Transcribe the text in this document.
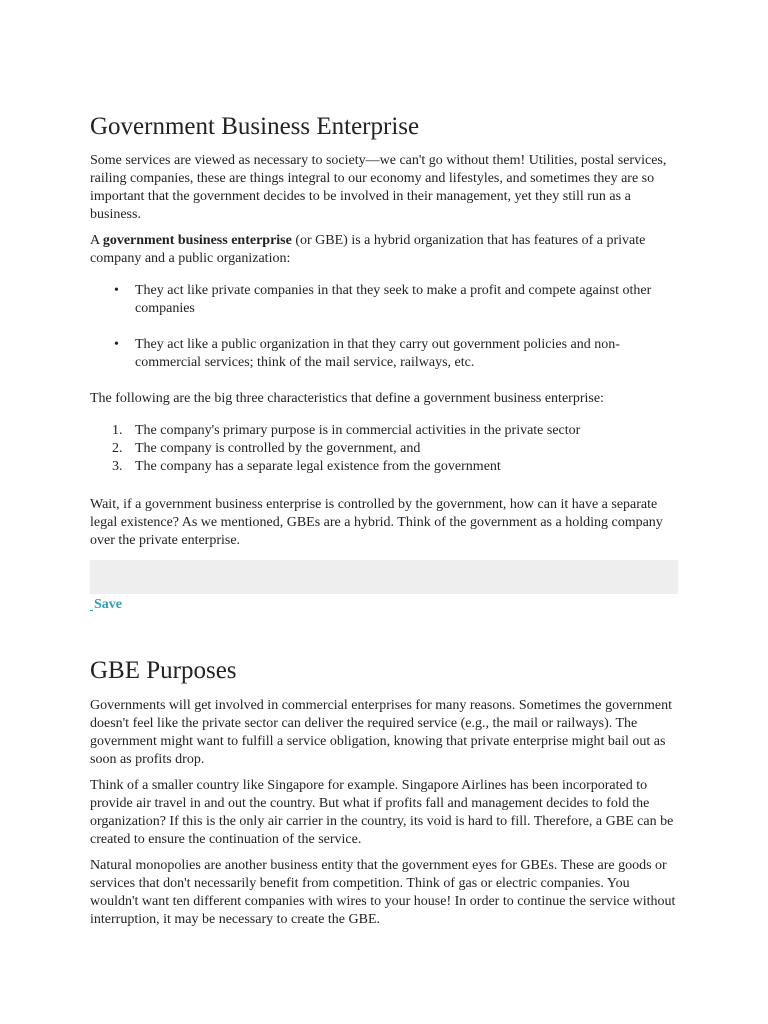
Government Business Enterprise

Some services are viewed as necessary to society—we can't go without them! Utilities, postal services, railing companies, these are things integral to our economy and lifestyles, and sometimes they are so important that the government decides to be involved in their management, yet they still run as a business.

A government business enterprise (or GBE) is a hybrid organization that has features of a private company and a public organization:

• They act like private companies in that they seek to make a profit and compete against other companies
• They act like a public organization in that they carry out government policies and non-commercial services; think of the mail service, railways, etc.

The following are the big three characteristics that define a government business enterprise:

1. The company's primary purpose is in commercial activities in the private sector
2. The company is controlled by the government, and
3. The company has a separate legal existence from the government

Wait, if a government business enterprise is controlled by the government, how can it have a separate legal existence? As we mentioned, GBEs are a hybrid. Think of the government as a holding company over the private enterprise.

Save
GBE Purposes

Governments will get involved in commercial enterprises for many reasons. Sometimes the government doesn't feel like the private sector can deliver the required service (e.g., the mail or railways). The government might want to fulfill a service obligation, knowing that private enterprise might bail out as soon as profits drop.

Think of a smaller country like Singapore for example. Singapore Airlines has been incorporated to provide air travel in and out the country. But what if profits fall and management decides to fold the organization? If this is the only air carrier in the country, its void is hard to fill. Therefore, a GBE can be created to ensure the continuation of the service.

Natural monopolies are another business entity that the government eyes for GBEs. These are goods or services that don't necessarily benefit from competition. Think of gas or electric companies. You wouldn't want ten different companies with wires to your house! In order to continue the service without interruption, it may be necessary to create the GBE.
